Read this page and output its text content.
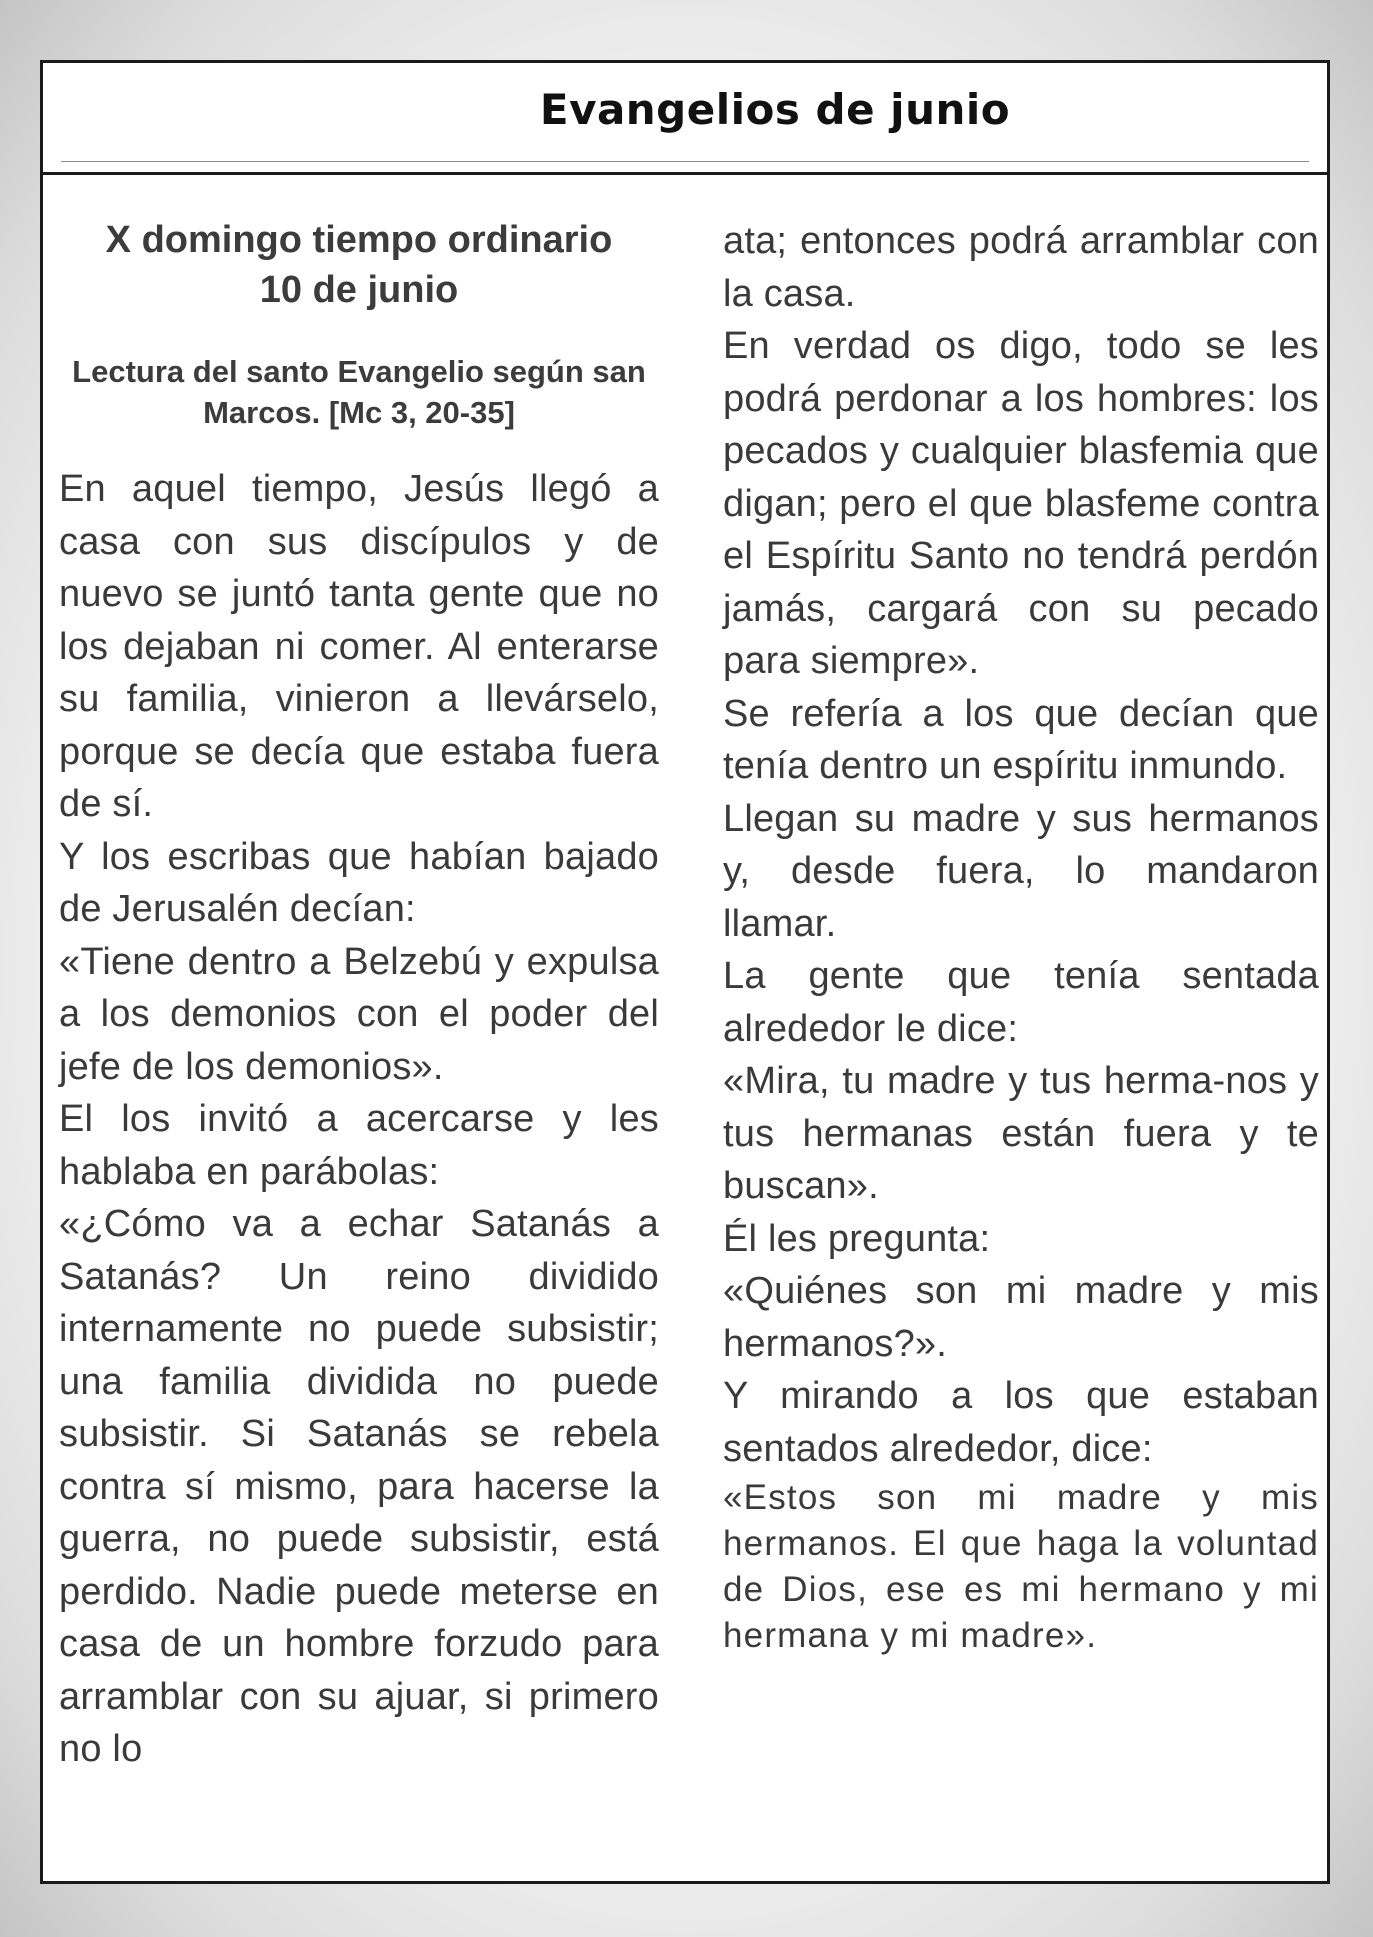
Evangelios de junio
X domingo tiempo ordinario
10 de junio

Lectura del santo Evangelio según san Marcos. [Mc 3, 20-35]

En aquel tiempo, Jesús llegó a casa con sus discípulos y de nuevo se juntó tanta gente que no los dejaban ni comer. Al enterarse su familia, vinieron a llevárselo, porque se decía que estaba fuera de sí.

Y los escribas que habían bajado de Jerusalén decían:

«Tiene dentro a Belzebú y expulsa a los demonios con el poder del jefe de los demonios».

El los invitó a acercarse y les hablaba en parábolas:

«¿Cómo va a echar Satanás a Satanás? Un reino dividido internamente no puede subsistir; una familia dividida no puede subsistir. Si Satanás se rebela contra sí mismo, para hacerse la guerra, no puede subsistir, está perdido. Nadie puede meterse en casa de un hombre forzudo para arramblar con su ajuar, si primero no lo

ata; entonces podrá arramblar con la casa.

En verdad os digo, todo se les podrá perdonar a los hombres: los pecados y cualquier blasfemia que digan; pero el que blasfeme contra el Espíritu Santo no tendrá perdón jamás, cargará con su pecado para siempre».

Se refería a los que decían que tenía dentro un espíritu inmundo.

Llegan su madre y sus hermanos y, desde fuera, lo mandaron llamar.

La gente que tenía sentada alrededor le dice:

«Mira, tu madre y tus herma-nos y tus hermanas están fuera y te buscan».

Él les pregunta:

«Quiénes son mi madre y mis hermanos?».

Y mirando a los que estaban sentados alrededor, dice:

«Estos son mi madre y mis hermanos. El que haga la voluntad de Dios, ese es mi hermano y mi hermana y mi madre».
